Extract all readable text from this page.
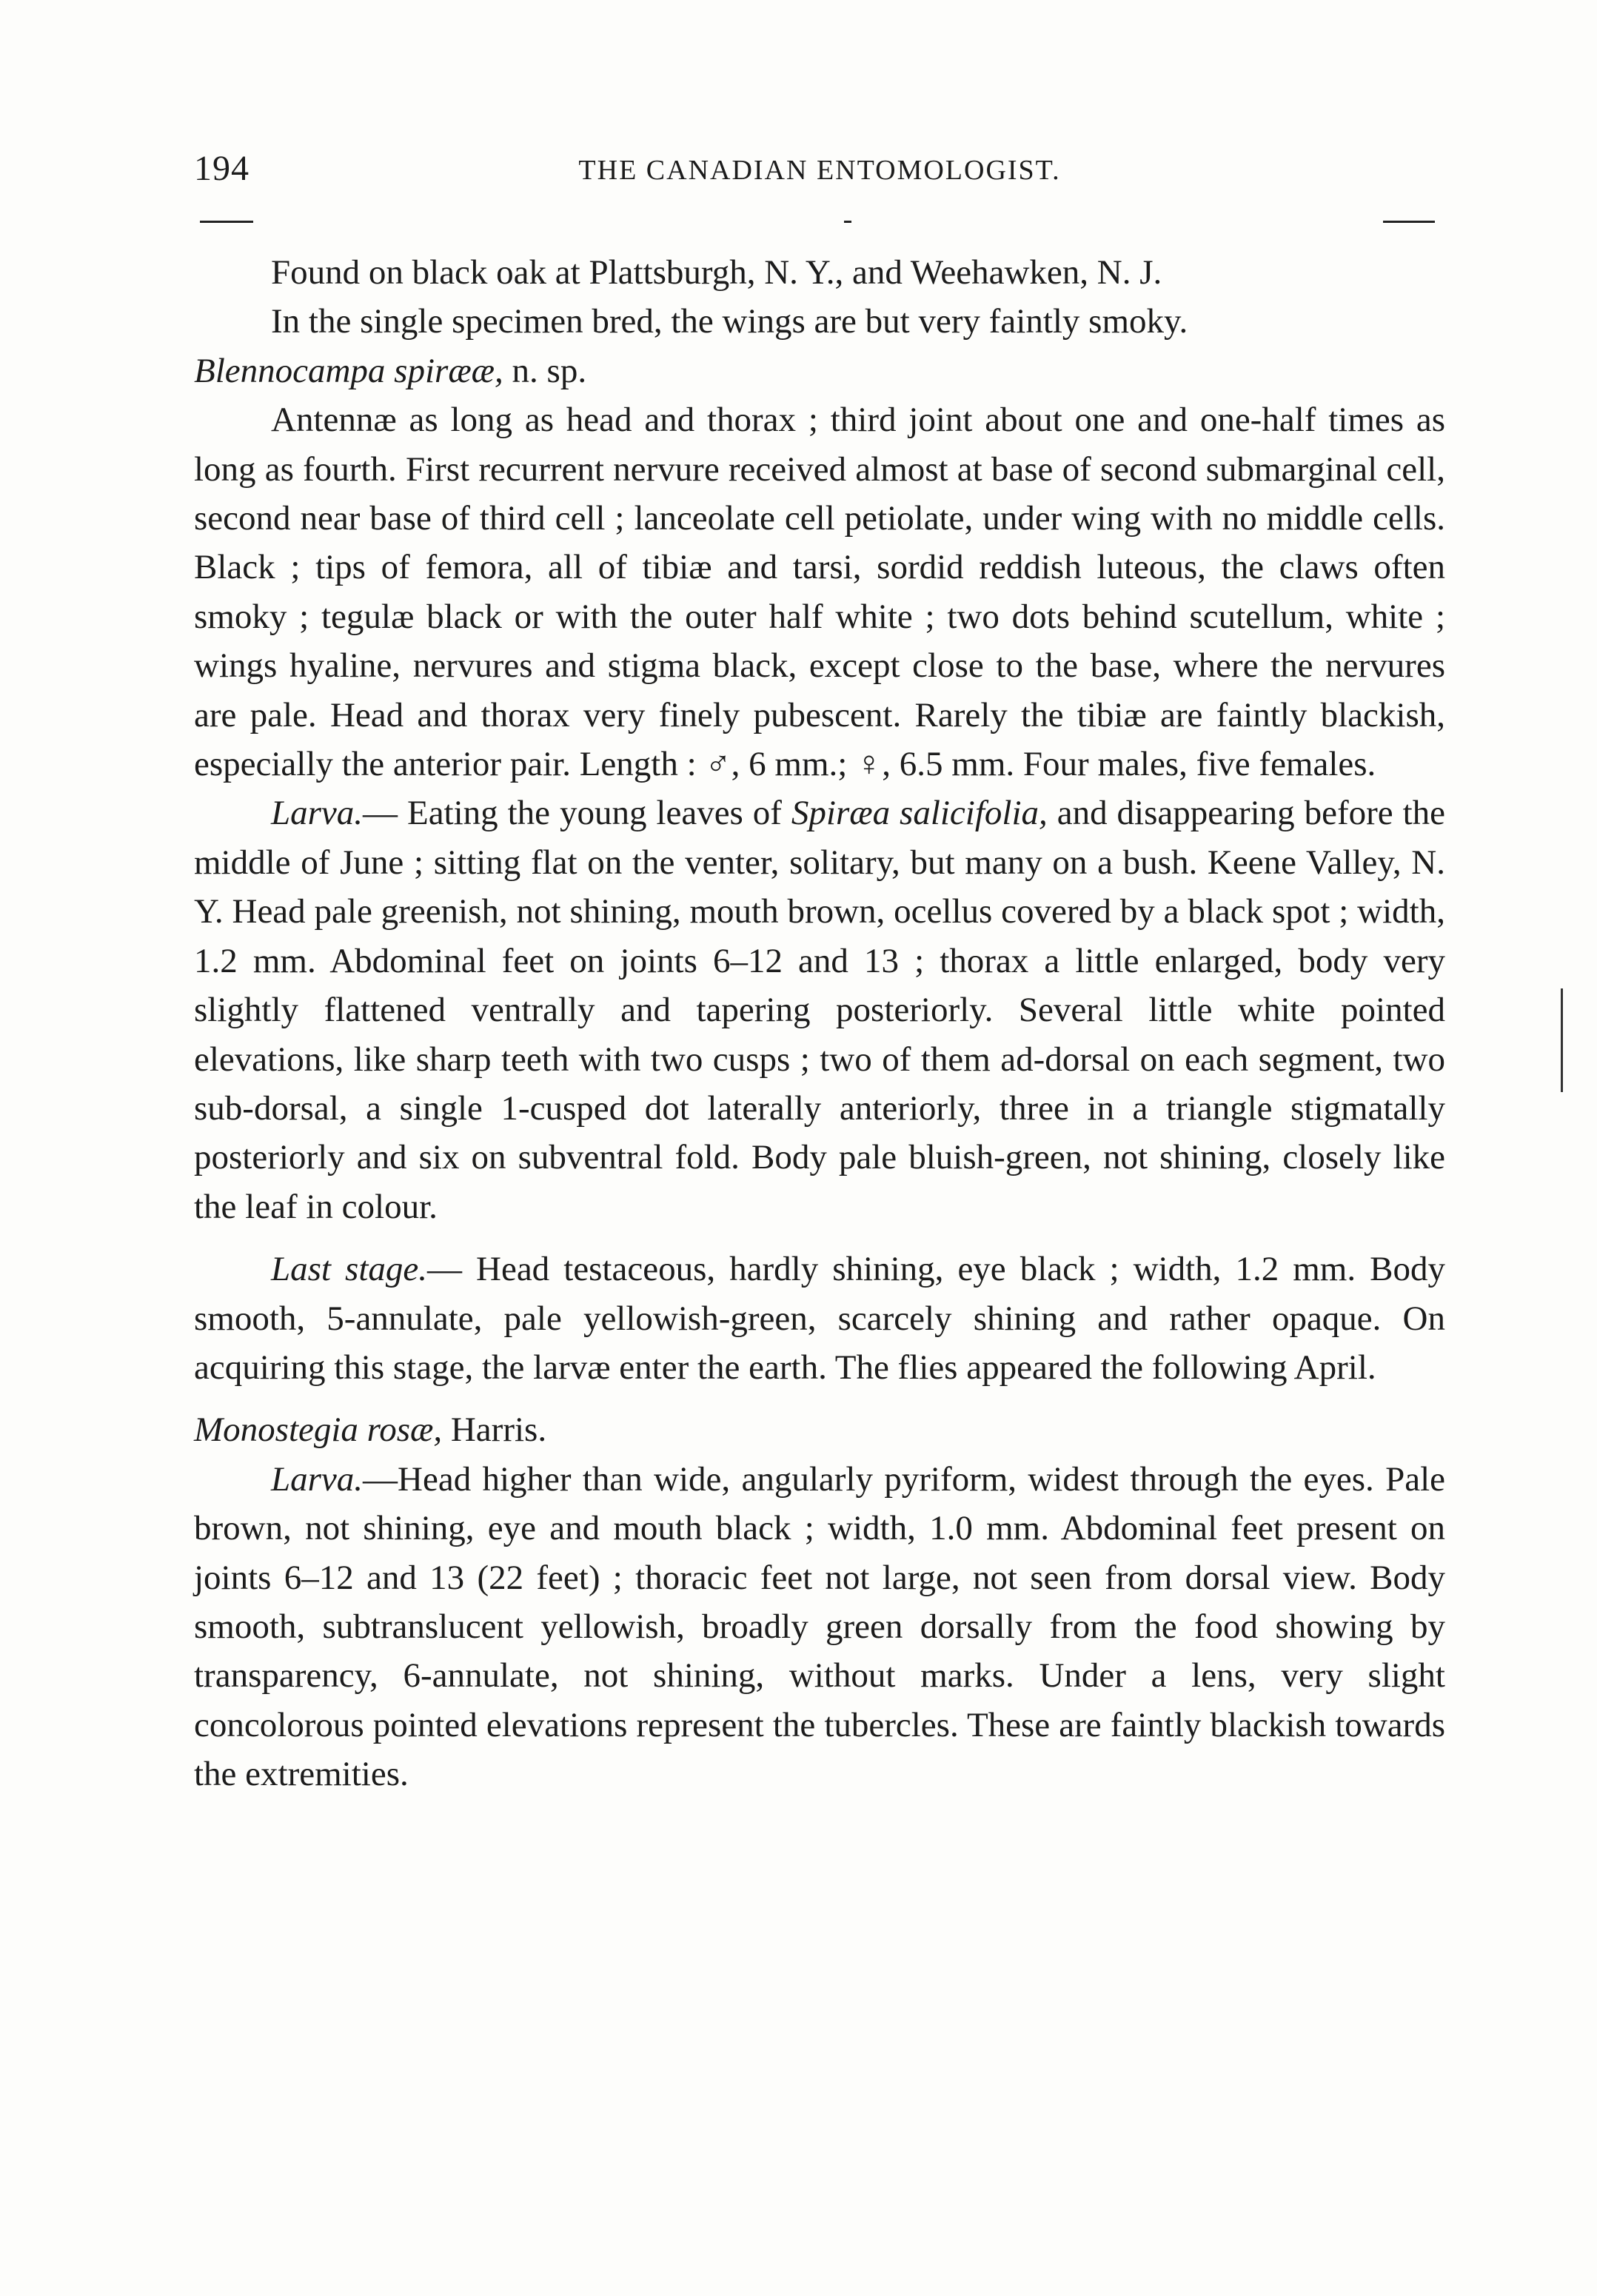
194	THE CANADIAN ENTOMOLOGIST.

Found on black oak at Plattsburgh, N. Y., and Weehawken, N. J.

In the single specimen bred, the wings are but very faintly smoky.

Blennocampa spirææ, n. sp.

Antennæ as long as head and thorax ; third joint about one and one-half times as long as fourth. First recurrent nervure received almost at base of second submarginal cell, second near base of third cell ; lanceolate cell petiolate, under wing with no middle cells. Black ; tips of femora, all of tibiæ and tarsi, sordid reddish luteous, the claws often smoky ; tegulæ black or with the outer half white ; two dots behind scutellum, white ; wings hyaline, nervures and stigma black, except close to the base, where the nervures are pale. Head and thorax very finely pubescent. Rarely the tibiæ are faintly blackish, especially the anterior pair. Length : ♂, 6 mm.; ♀, 6.5 mm. Four males, five females.

Larva.— Eating the young leaves of Spiræa salicifolia, and disappearing before the middle of June ; sitting flat on the venter, solitary, but many on a bush. Keene Valley, N. Y. Head pale greenish, not shining, mouth brown, ocellus covered by a black spot ; width, 1.2 mm. Abdominal feet on joints 6–12 and 13 ; thorax a little enlarged, body very slightly flattened ventrally and tapering posteriorly. Several little white pointed elevations, like sharp teeth with two cusps ; two of them ad-dorsal on each segment, two sub-dorsal, a single 1-cusped dot laterally anteriorly, three in a triangle stigmatally posteriorly and six on subventral fold. Body pale bluish-green, not shining, closely like the leaf in colour.

Last stage.— Head testaceous, hardly shining, eye black ; width, 1.2 mm. Body smooth, 5-annulate, pale yellowish-green, scarcely shining and rather opaque. On acquiring this stage, the larvæ enter the earth. The flies appeared the following April.

Monostegia rosæ, Harris.

Larva.—Head higher than wide, angularly pyriform, widest through the eyes. Pale brown, not shining, eye and mouth black ; width, 1.0 mm. Abdominal feet present on joints 6–12 and 13 (22 feet) ; thoracic feet not large, not seen from dorsal view. Body smooth, subtranslucent yellowish, broadly green dorsally from the food showing by transparency, 6-annulate, not shining, without marks. Under a lens, very slight concolorous pointed elevations represent the tubercles. These are faintly blackish towards the extremities.
